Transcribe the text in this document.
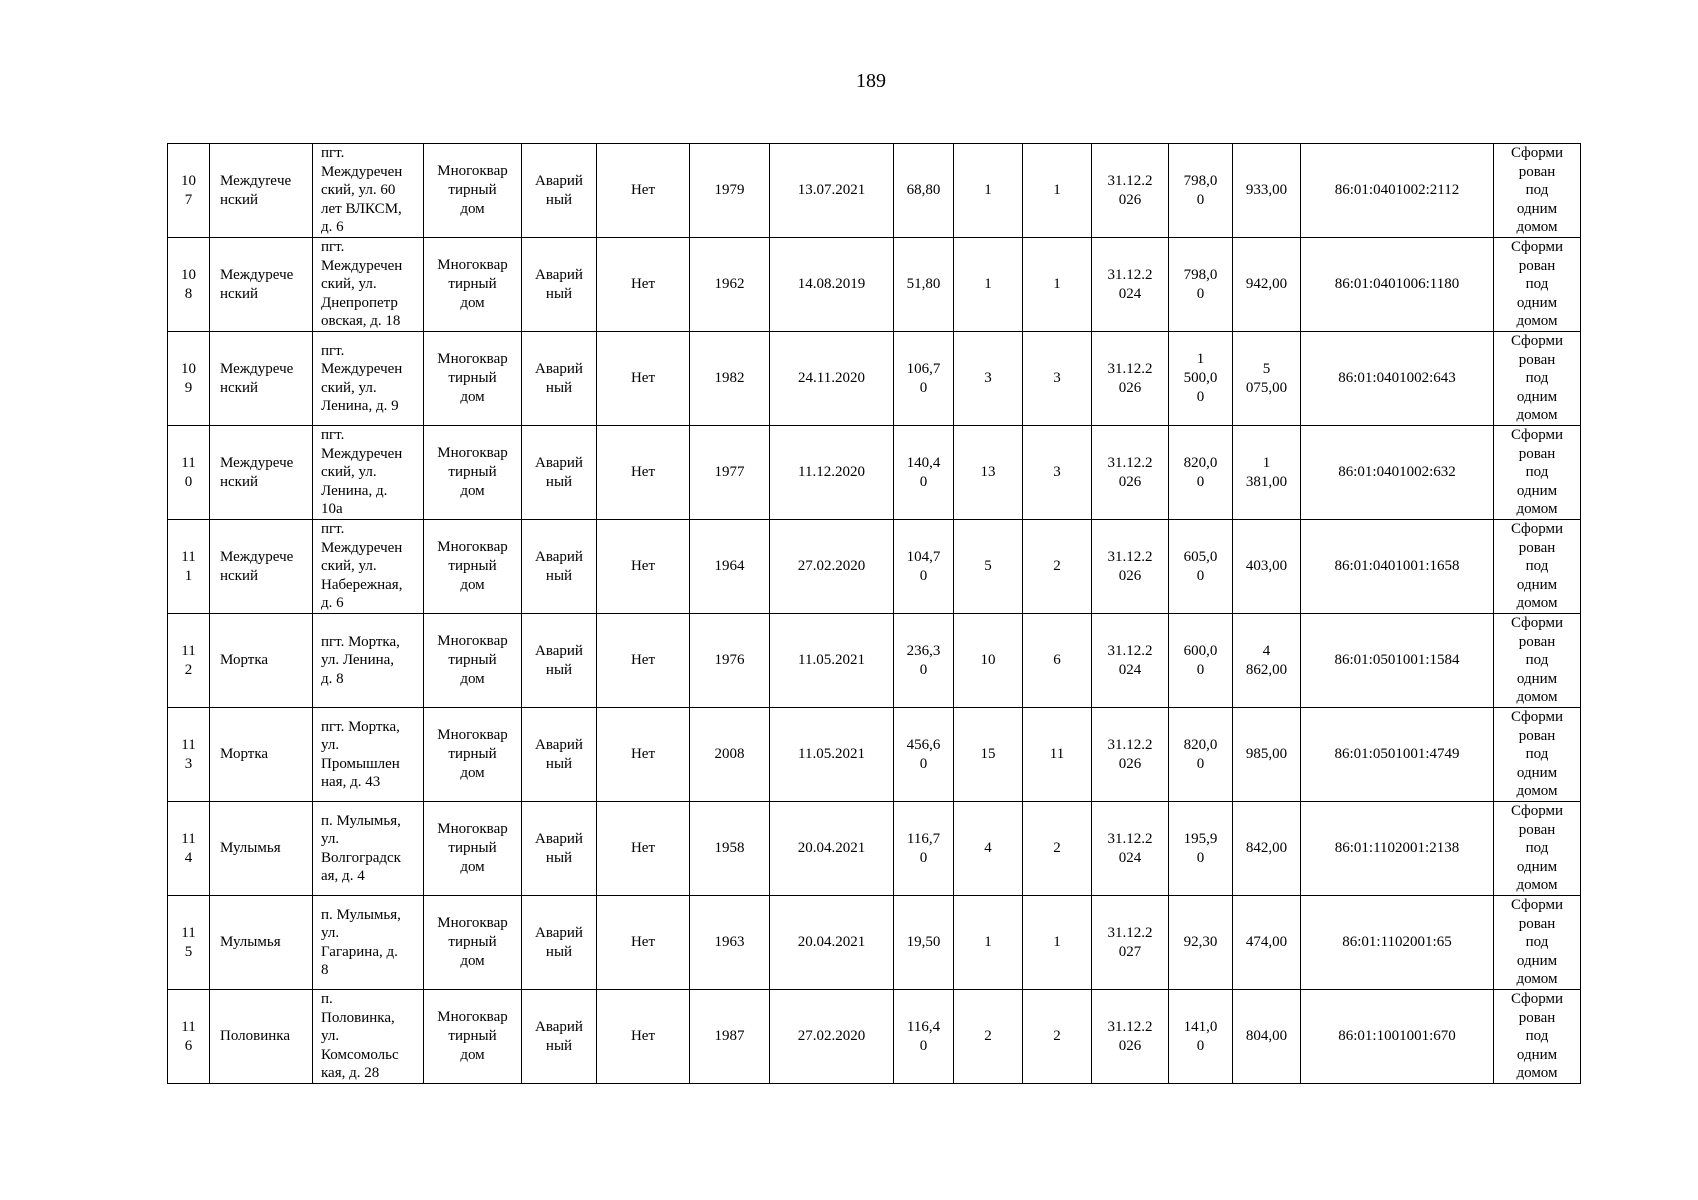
189
10
7	Междуreче
нский	пгт.
Междуречен
ский, ул. 60
лет ВЛКСМ,
д. 6	Многоквар
тирный
дом	Аварий
ный	Нет	1979	13.07.2021	68,80	1	1	31.12.2
026	798,0
0	933,00	86:01:0401002:2112	Сформи
рован
под
одним
домом

10
8	Междурече
нский	пгт.
Междуречен
ский, ул.
Днепропетр
овская, д. 18	Многоквар
тирный
дом	Аварий
ный	Нет	1962	14.08.2019	51,80	1	1	31.12.2
024	798,0
0	942,00	86:01:0401006:1180	Сформи
рован
под
одним
домом

10
9	Междурече
нский	пгт.
Междуречен
ский, ул.
Ленина, д. 9	Многоквар
тирный
дом	Аварий
ный	Нет	1982	24.11.2020	106,7
0	3	3	31.12.2
026	1
500,0
0	5
075,00	86:01:0401002:643	Сформи
рован
под
одним
домом

11
0	Междурече
нский	пгт.
Междуречен
ский, ул.
Ленина, д.
10а	Многоквар
тирный
дом	Аварий
ный	Нет	1977	11.12.2020	140,4
0	13	3	31.12.2
026	820,0
0	1
381,00	86:01:0401002:632	Сформи
рован
под
одним
домом

11
1	Междурече
нский	пгт.
Междуречен
ский, ул.
Набережная,
д. 6	Многоквар
тирный
дом	Аварий
ный	Нет	1964	27.02.2020	104,7
0	5	2	31.12.2
026	605,0
0	403,00	86:01:0401001:1658	Сформи
рован
под
одним
домом

11
2	Мортка	пгт. Мортка,
ул. Ленина,
д. 8	Многоквар
тирный
дом	Аварий
ный	Нет	1976	11.05.2021	236,3
0	10	6	31.12.2
024	600,0
0	4
862,00	86:01:0501001:1584	Сформи
рован
под
одним
домом

11
3	Мортка	пгт. Мортка,
ул.
Промышлен
ная, д. 43	Многоквар
тирный
дом	Аварий
ный	Нет	2008	11.05.2021	456,6
0	15	11	31.12.2
026	820,0
0	985,00	86:01:0501001:4749	Сформи
рован
под
одним
домом

11
4	Мулымья	п. Мулымья,
ул.
Волгоградск
ая, д. 4	Многоквар
тирный
дом	Аварий
ный	Нет	1958	20.04.2021	116,7
0	4	2	31.12.2
024	195,9
0	842,00	86:01:1102001:2138	Сформи
рован
под
одним
домом

11
5	Мулымья	п. Мулымья,
ул.
Гагарина, д.
8	Многоквар
тирный
дом	Аварий
ный	Нет	1963	20.04.2021	19,50	1	1	31.12.2
027	92,30	474,00	86:01:1102001:65	Сформи
рован
под
одним
домом

11
6	Половинка	п.
Половинка,
ул.
Комсомольс
кая, д. 28	Многоквар
тирный
дом	Аварий
ный	Нет	1987	27.02.2020	116,4
0	2	2	31.12.2
026	141,0
0	804,00	86:01:1001001:670	Сформи
рован
под
одним
домом
